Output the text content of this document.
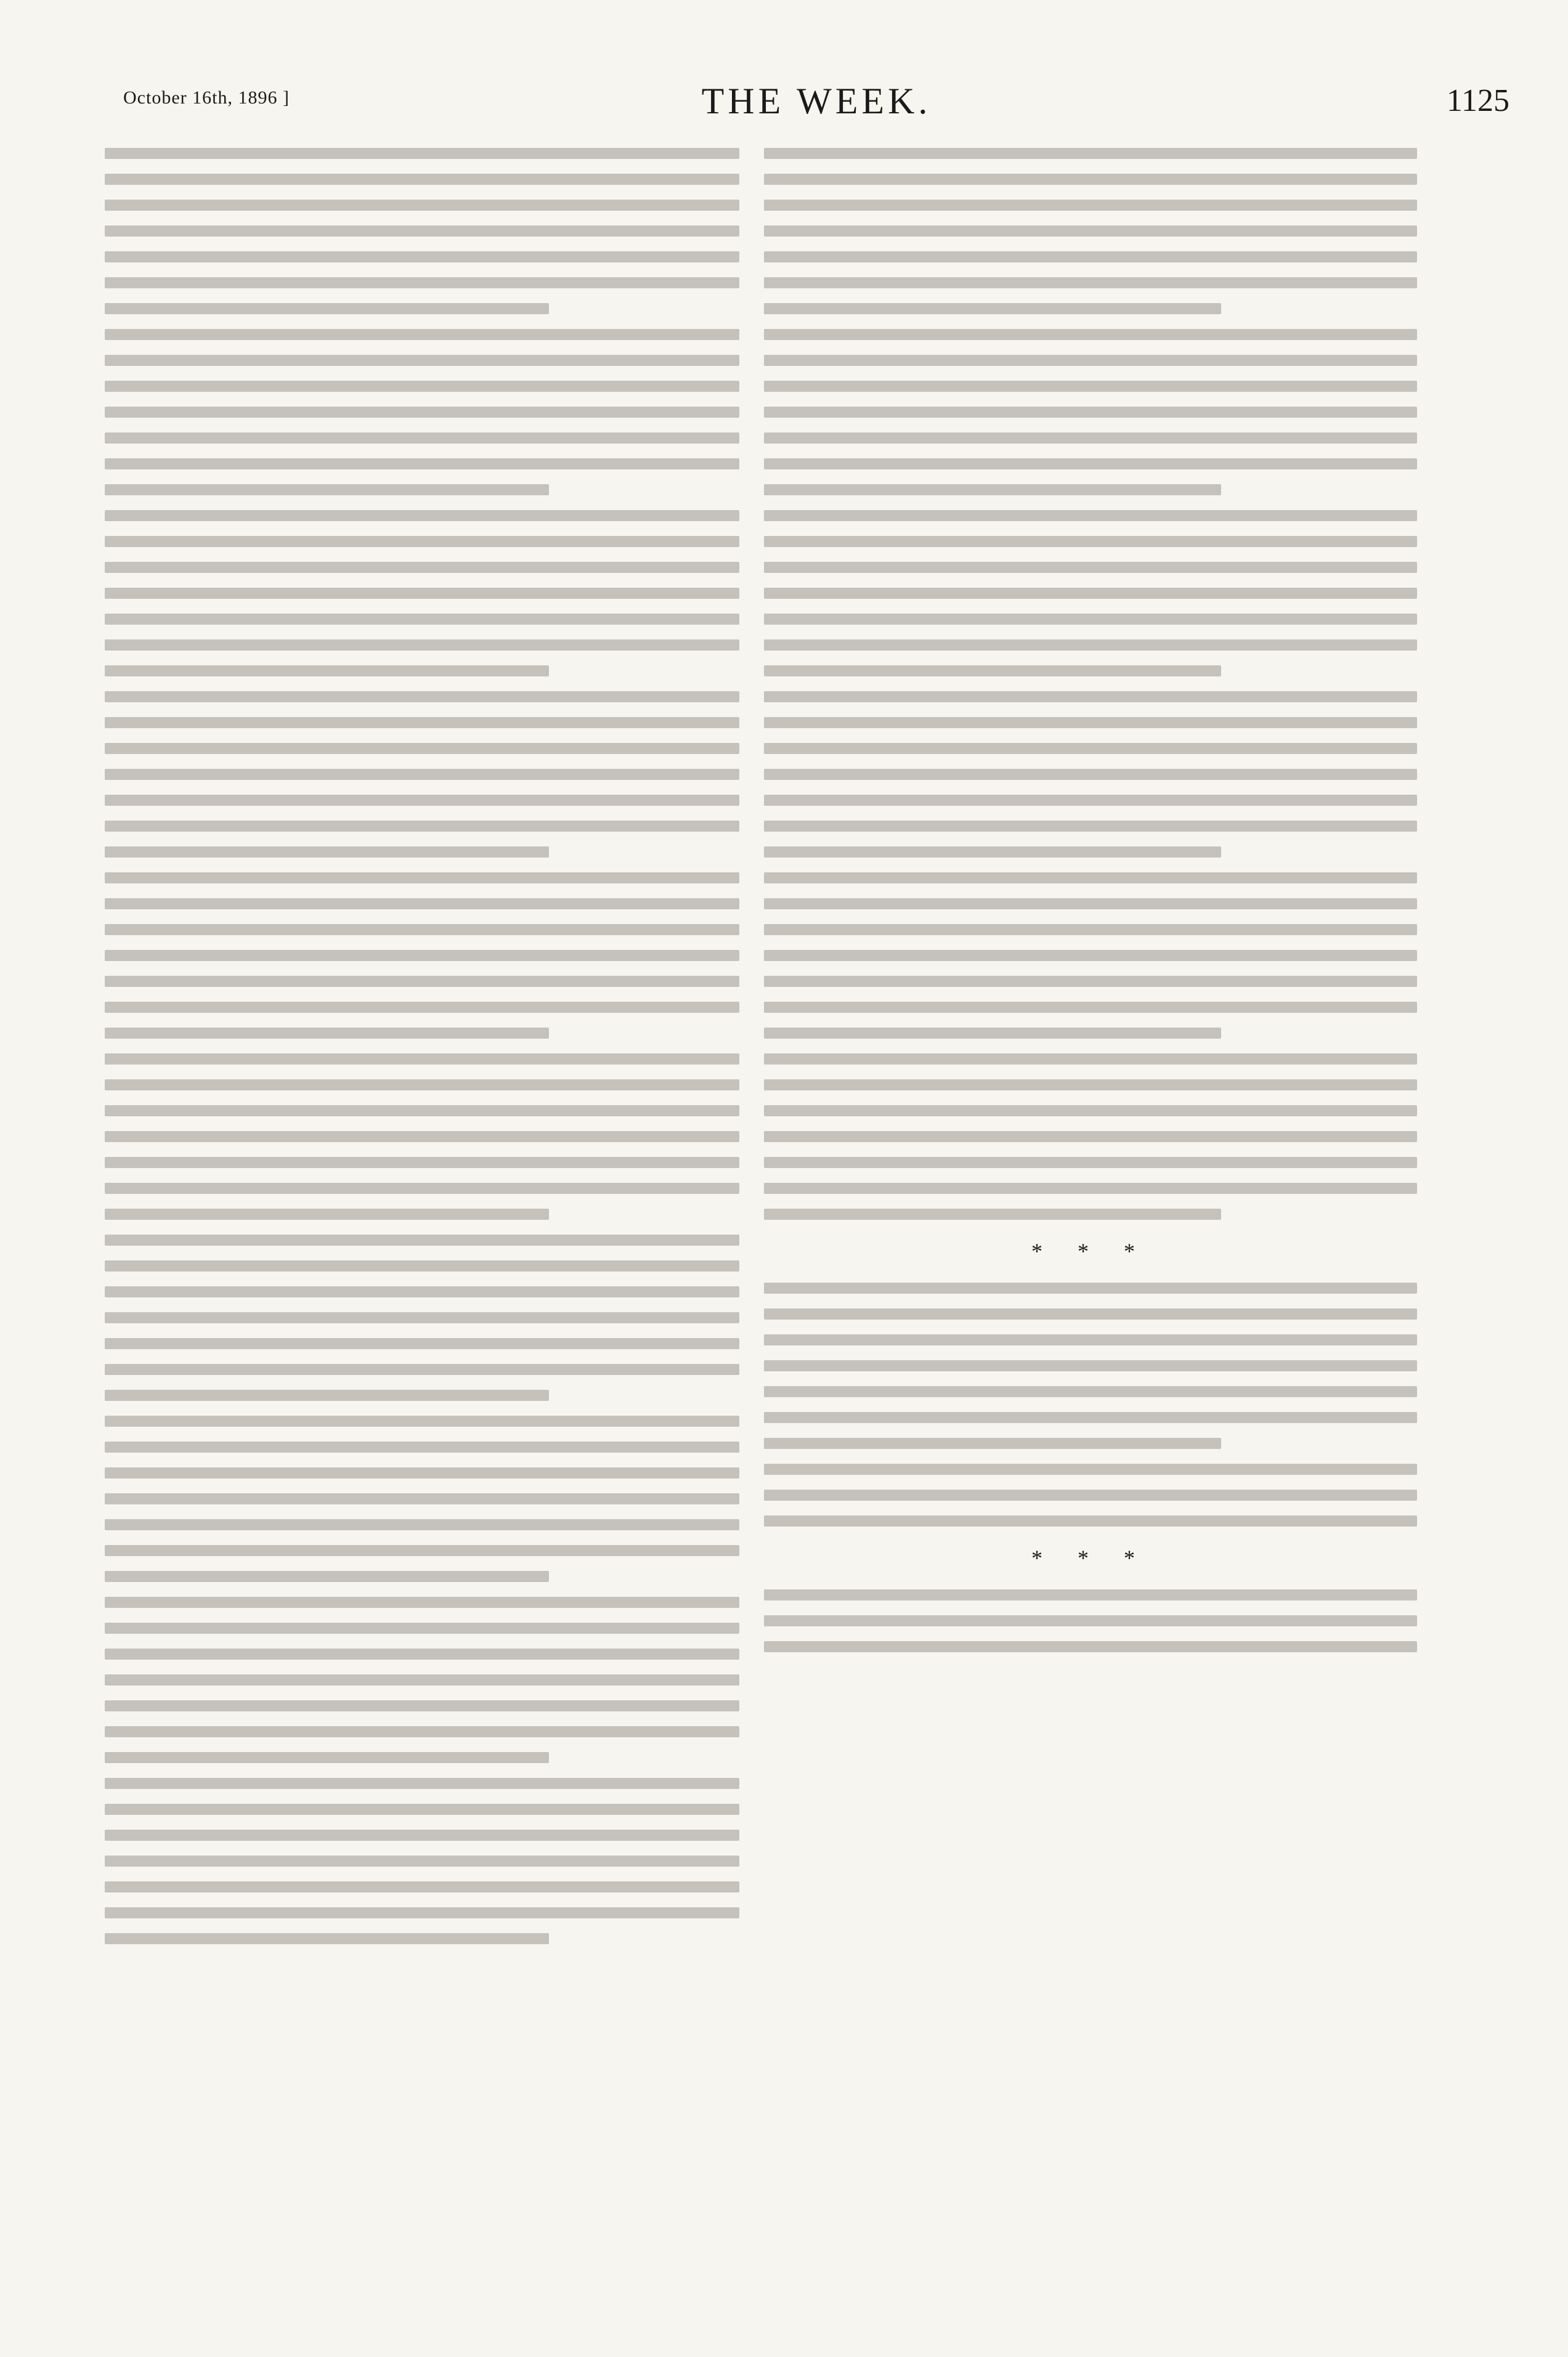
October 16th, 1896 ]	THE WEEK.	1125
* * *
* * *
